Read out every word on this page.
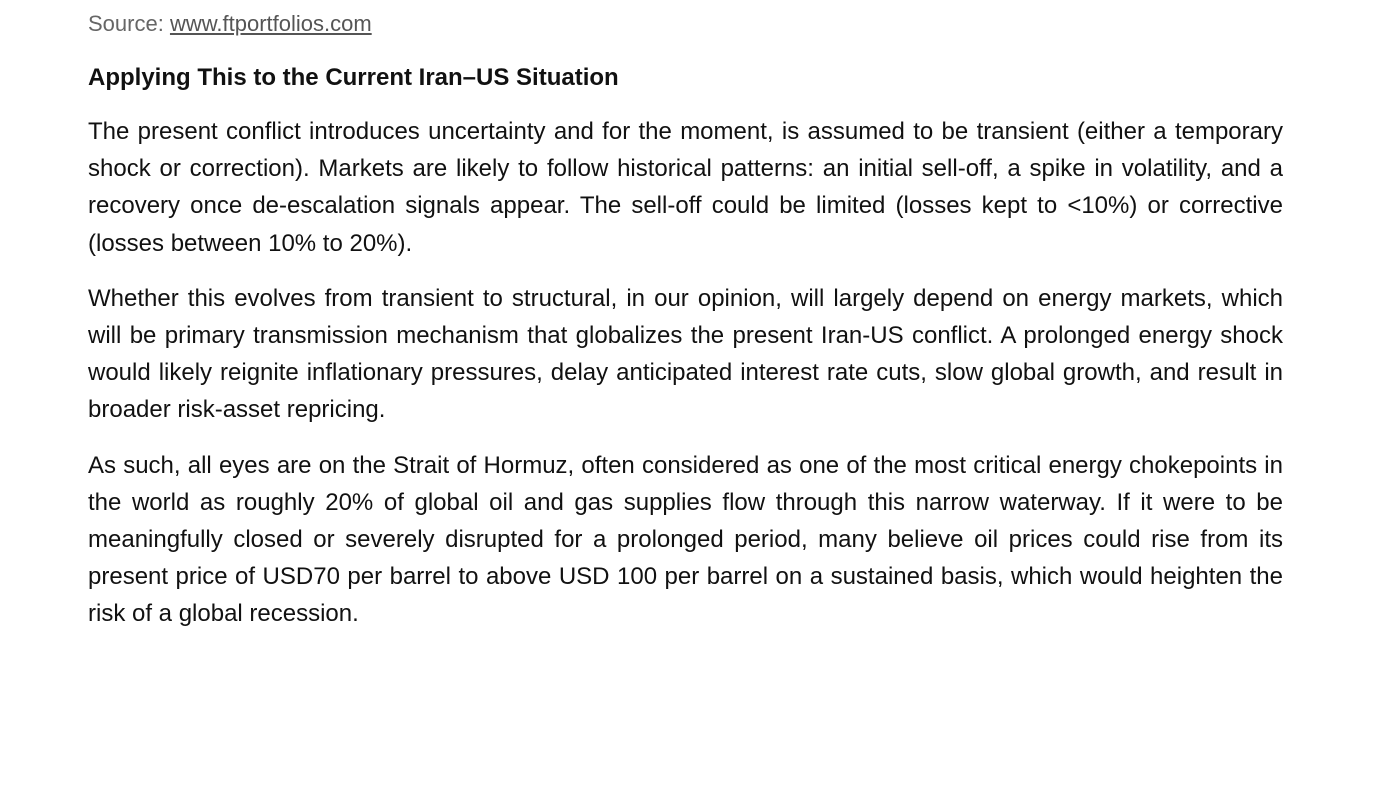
Source: www.ftportfolios.com

Applying This to the Current Iran–US Situation

The present conflict introduces uncertainty and for the moment, is assumed to be transient (either a temporary shock or correction). Markets are likely to follow historical patterns: an initial sell-off, a spike in volatility, and a recovery once de-escalation signals appear. The sell-off could be limited (losses kept to <10%) or corrective (losses between 10% to 20%).

Whether this evolves from transient to structural, in our opinion, will largely depend on energy markets, which will be primary transmission mechanism that globalizes the present Iran-US conflict. A prolonged energy shock would likely reignite inflationary pressures, delay anticipated interest rate cuts, slow global growth, and result in broader risk-asset repricing.

As such, all eyes are on the Strait of Hormuz, often considered as one of the most critical energy chokepoints in the world as roughly 20% of global oil and gas supplies flow through this narrow waterway. If it were to be meaningfully closed or severely disrupted for a prolonged period, many believe oil prices could rise from its present price of USD70 per barrel to above USD 100 per barrel on a sustained basis, which would heighten the risk of a global recession.
